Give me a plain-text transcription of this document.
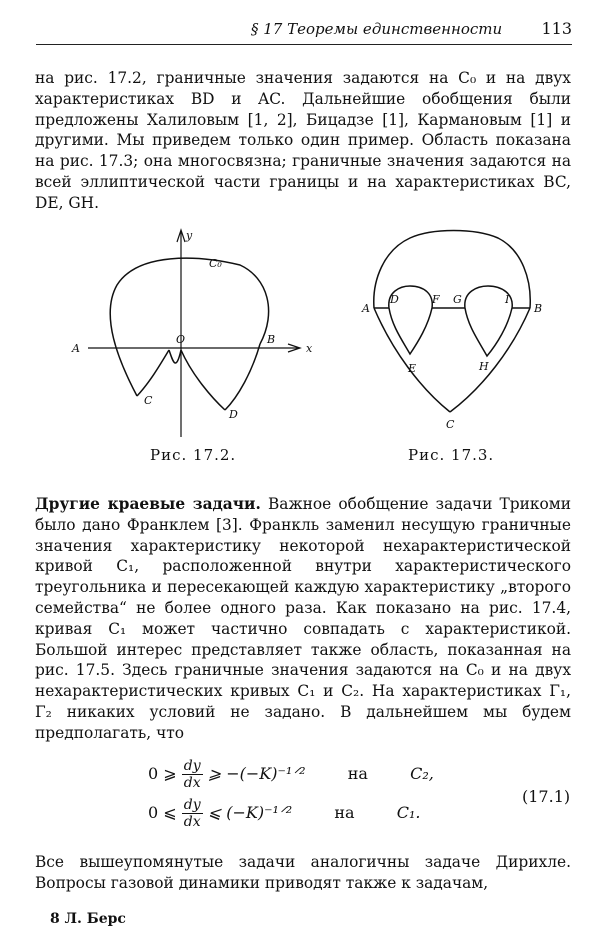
§ 17 Теоремы единственности 113

на рис. 17.2, граничные значения задаются на C₀ и на двух характеристиках BD и AC. Дальнейшие обобщения были предложены Халиловым [1, 2], Бицадзе [1], Кармановым [1] и другими. Мы приведем только один пример. Область показана на рис. 17.3; она многосвязна; граничные значения задаются на всей эллиптической части границы и на характеристиках BC, DE, GH.

y
x
C₀
A
O	B
C
D
A	B
D	F G	I
E	H
C
Рис. 17.2.	Рис. 17.3.

Другие краевые задачи. Важное обобщение задачи Трикоми было дано Франклем [3]. Франкль заменил несущую граничные значения характеристику некоторой нехарактеристической кривой C₁, расположенной внутри характеристического треугольника и пересекающей каждую характеристику „второго семейства“ не более одного раза. Как показано на рис. 17.4, кривая C₁ может частично совпадать с характеристикой. Большой интерес представляет также область, показанная на рис. 17.5. Здесь граничные значения задаются на C₀ и на двух нехарактеристических кривых C₁ и C₂. На характеристиках Γ₁, Γ₂ никаких условий не задано. В дальнейшем мы будем предполагать, что

0 ⩾ $\frac{dy}{dx}$ ⩾ −(−K)⁻¹ᐟ²	на	C₂,
0 ⩽ $\frac{dy}{dx}$ ⩽ (−K)⁻¹ᐟ²	на	C₁.
(17.1)

Все вышеупомянутые задачи аналогичны задаче Дирихле. Вопросы газовой динамики приводят также к задачам,

8 Л. Берс
